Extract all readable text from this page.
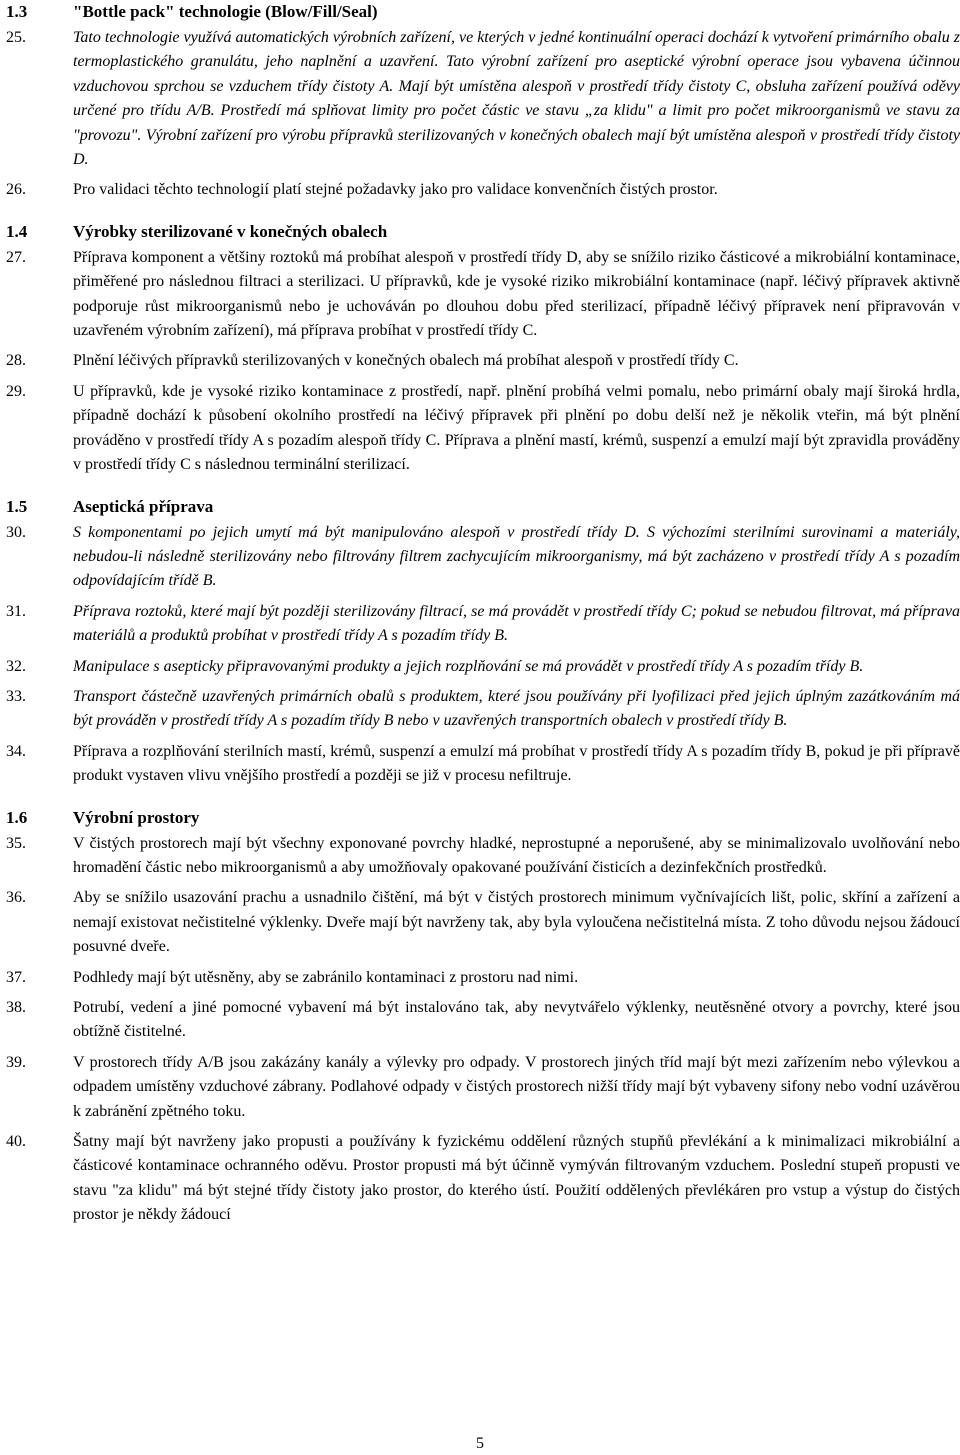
1.3	"Bottle pack" technologie (Blow/Fill/Seal)
25.	Tato technologie využívá automatických výrobních zařízení, ve kterých v jedné kontinuální operaci dochází k vytvoření primárního obalu z termoplastického granulátu, jeho naplnění a uzavření. Tato výrobní zařízení pro aseptické výrobní operace jsou vybavena účinnou vzduchovou sprchou se vzduchem třídy čistoty A. Mají být umístěna alespoň v prostředí třídy čistoty C, obsluha zařízení používá oděvy určené pro třídu A/B. Prostředí má splňovat limity pro počet částic ve stavu „za klidu" a limit pro počet mikroorganismů ve stavu za "provozu". Výrobní zařízení pro výrobu přípravků sterilizovaných v konečných obalech mají být umístěna alespoň v prostředí třídy čistoty D.
26.	Pro validaci těchto technologií platí stejné požadavky jako pro validace konvenčních čistých prostor.
1.4	Výrobky sterilizované v konečných obalech
27.	Příprava komponent a většiny roztoků má probíhat alespoň v prostředí třídy D, aby se snížilo riziko částicové a mikrobiální kontaminace, přiměřené pro následnou filtraci a sterilizaci. U přípravků, kde je vysoké riziko mikrobiální kontaminace (např. léčivý přípravek aktivně podporuje růst mikroorganismů nebo je uchováván po dlouhou dobu před sterilizací, případně léčivý přípravek není připravován v uzavřeném výrobním zařízení), má příprava probíhat v prostředí třídy C.
28.	Plnění léčivých přípravků sterilizovaných v konečných obalech má probíhat alespoň v prostředí třídy C.
29.	U přípravků, kde je vysoké riziko kontaminace z prostředí, např. plnění probíhá velmi pomalu, nebo primární obaly mají široká hrdla, případně dochází k působení okolního prostředí na léčivý přípravek při plnění po dobu delší než je několik vteřin, má být plnění prováděno v prostředí třídy A s pozadím alespoň třídy C. Příprava a plnění mastí, krémů, suspenzí a emulzí mají být zpravidla prováděny v prostředí třídy C s následnou terminální sterilizací.
1.5	Aseptická příprava
30.	S komponentami po jejich umytí má být manipulováno alespoň v prostředí třídy D. S výchozími sterilními surovinami a materiály, nebudou-li následně sterilizovány nebo filtrovány filtrem zachycujícím mikroorganismy, má být zacházeno v prostředí třídy A s pozadím odpovídajícím třídě B.
31.	Příprava roztoků, které mají být později sterilizovány filtrací, se má provádět v prostředí třídy C; pokud se nebudou filtrovat, má příprava materiálů a produktů probíhat v prostředí třídy A s pozadím třídy B.
32.	Manipulace s asepticky připravovanými produkty a jejich rozplňování se má provádět v prostředí třídy A s pozadím třídy B.
33.	Transport částečně uzavřených primárních obalů s produktem, které jsou používány při lyofilizaci před jejich úplným zazátkováním má být prováděn v prostředí třídy A s pozadím třídy B nebo v uzavřených transportních obalech v prostředí třídy B.
34.	Příprava a rozplňování sterilních mastí, krémů, suspenzí a emulzí má probíhat v prostředí třídy A s pozadím třídy B, pokud je při přípravě produkt vystaven vlivu vnějšího prostředí a později se již v procesu nefiltruje.
1.6	Výrobní prostory
35.	V čistých prostorech mají být všechny exponované povrchy hladké, neprostupné a neporušené, aby se minimalizovalo uvolňování nebo hromadění částic nebo mikroorganismů a aby umožňovaly opakované používání čisticích a dezinfekčních prostředků.
36.	Aby se snížilo usazování prachu a usnadnilo čištění, má být v čistých prostorech minimum vyčnívajících lišt, polic, skříní a zařízení a nemají existovat nečistitelné výklenky. Dveře mají být navrženy tak, aby byla vyloučena nečistitelná místa. Z toho důvodu nejsou žádoucí posuvné dveře.
37.	Podhledy mají být utěsněny, aby se zabránilo kontaminaci z prostoru nad nimi.
38.	Potrubí, vedení a jiné pomocné vybavení má být instalováno tak, aby nevytvářelo výklenky, neutěsněné otvory a povrchy, které jsou obtížně čistitelné.
39.	V prostorech třídy A/B jsou zakázány kanály a výlevky pro odpady. V prostorech jiných tříd mají být mezi zařízením nebo výlevkou a odpadem umístěny vzduchové zábrany. Podlahové odpady v čistých prostorech nižší třídy mají být vybaveny sifony nebo vodní uzávěrou k zabránění zpětného toku.
40.	Šatny mají být navrženy jako propusti a používány k fyzickému oddělení různých stupňů převlékání a k minimalizaci mikrobiální a částicové kontaminace ochranného oděvu. Prostor propusti má být účinně vymýván filtrovaným vzduchem. Poslední stupeň propusti ve stavu "za klidu" má být stejné třídy čistoty jako prostor, do kterého ústí. Použití oddělených převlékáren pro vstup a výstup do čistých prostor je někdy žádoucí
5
